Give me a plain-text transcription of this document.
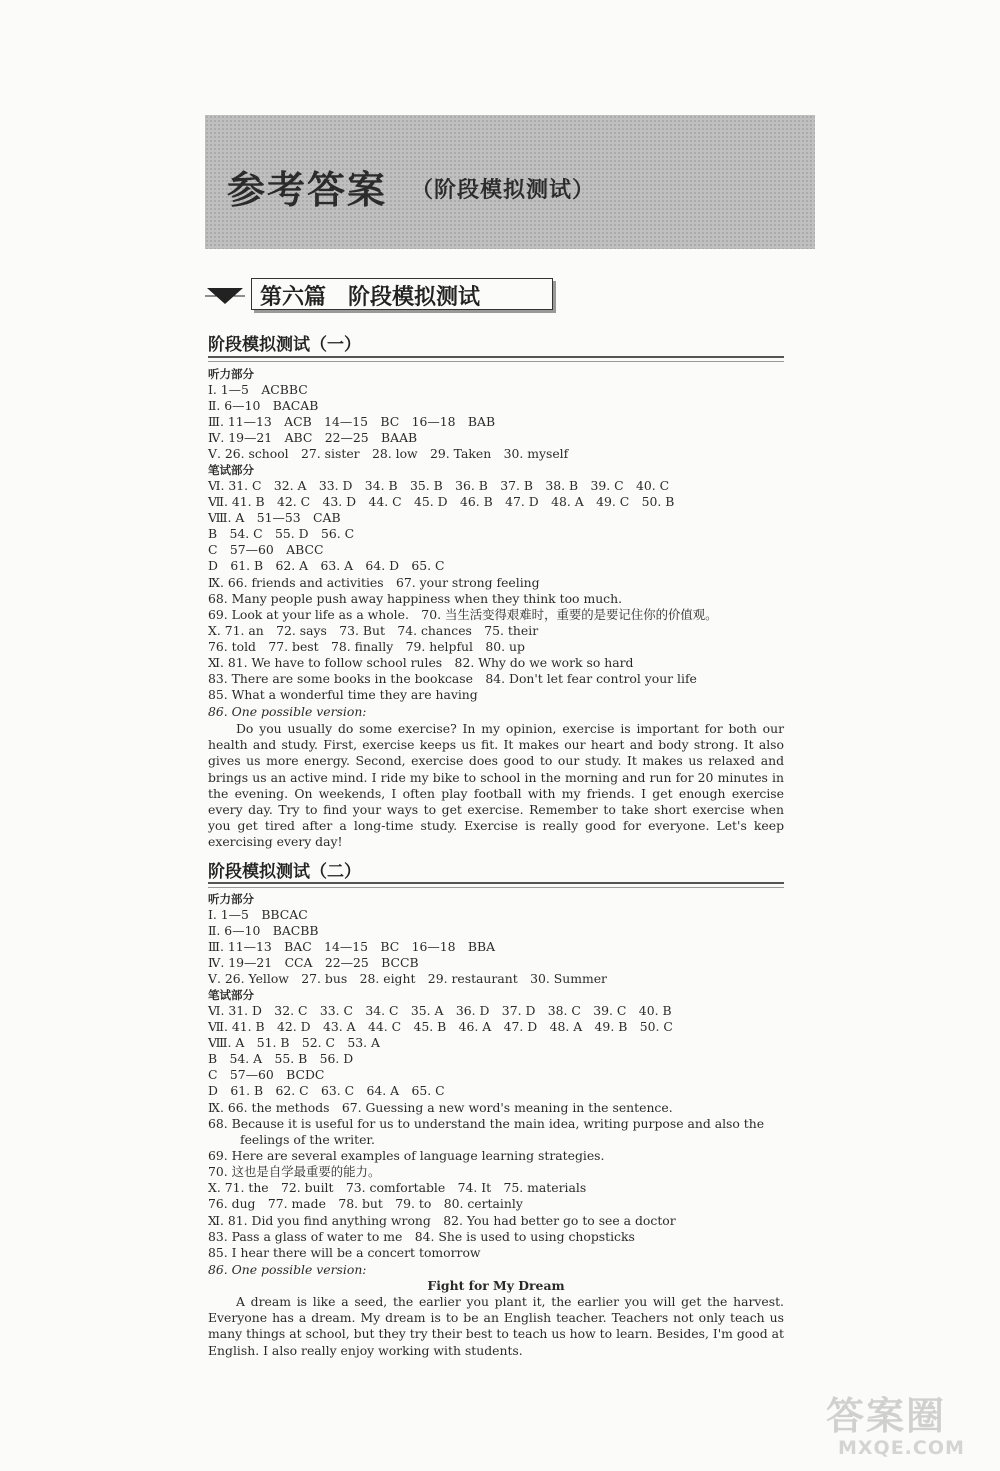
参考答案 （阶段模拟测试）
第六篇　阶段模拟测试
阶段模拟测试（一）
听力部分
Ⅰ. 1—5　ACBBC
Ⅱ. 6—10　BACAB
Ⅲ. 11—13　ACB　14—15　BC　16—18　BAB
Ⅳ. 19—21　ABC　22—25　BAAB
Ⅴ. 26. school　27. sister　28. low　29. Taken　30. myself
笔试部分
Ⅵ. 31. C　32. A　33. D　34. B　35. B　36. B　37. B　38. B　39. C　40. C
Ⅶ. 41. B　42. C　43. D　44. C　45. D　46. B　47. D　48. A　49. C　50. B
Ⅷ. A　51—53　CAB
B　54. C　55. D　56. C
C　57—60　ABCC
D　61. B　62. A　63. A　64. D　65. C
Ⅸ. 66. friends and activities　67. your strong feeling
68. Many people push away happiness when they think too much.
69. Look at your life as a whole.　70. 当生活变得艰难时，重要的是要记住你的价值观。
Ⅹ. 71. an　72. says　73. But　74. chances　75. their
76. told　77. best　78. finally　79. helpful　80. up
Ⅺ. 81. We have to follow school rules　82. Why do we work so hard
83. There are some books in the bookcase　84. Don't let fear control your life
85. What a wonderful time they are having
86. One possible version:
Do you usually do some exercise? In my opinion, exercise is important for both our health and study. First, exercise keeps us fit. It makes our heart and body strong. It also gives us more energy. Second, exercise does good to our study. It makes us relaxed and brings us an active mind. I ride my bike to school in the morning and run for 20 minutes in the evening. On weekends, I often play football with my friends. I get enough exercise every day. Try to find your ways to get exercise. Remember to take short exercise when you get tired after a long-time study. Exercise is really good for everyone. Let's keep exercising every day!
阶段模拟测试（二）
听力部分
Ⅰ. 1—5　BBCAC
Ⅱ. 6—10　BACBB
Ⅲ. 11—13　BAC　14—15　BC　16—18　BBA
Ⅳ. 19—21　CCA　22—25　BCCB
Ⅴ. 26. Yellow　27. bus　28. eight　29. restaurant　30. Summer
笔试部分
Ⅵ. 31. D　32. C　33. C　34. C　35. A　36. D　37. D　38. C　39. C　40. B
Ⅶ. 41. B　42. D　43. A　44. C　45. B　46. A　47. D　48. A　49. B　50. C
Ⅷ. A　51. B　52. C　53. A
B　54. A　55. B　56. D
C　57—60　BCDC
D　61. B　62. C　63. C　64. A　65. C
Ⅸ. 66. the methods　67. Guessing a new word's meaning in the sentence.
68. Because it is useful for us to understand the main idea, writing purpose and also the
feelings of the writer.
69. Here are several examples of language learning strategies.
70. 这也是自学最重要的能力。
Ⅹ. 71. the　72. built　73. comfortable　74. It　75. materials
76. dug　77. made　78. but　79. to　80. certainly
Ⅺ. 81. Did you find anything wrong　82. You had better go to see a doctor
83. Pass a glass of water to me　84. She is used to using chopsticks
85. I hear there will be a concert tomorrow
86. One possible version:
Fight for My Dream
A dream is like a seed, the earlier you plant it, the earlier you will get the harvest. Everyone has a dream. My dream is to be an English teacher. Teachers not only teach us many things at school, but they try their best to teach us how to learn. Besides, I'm good at English. I also really enjoy working with students.
答案圈
MXQE.COM
